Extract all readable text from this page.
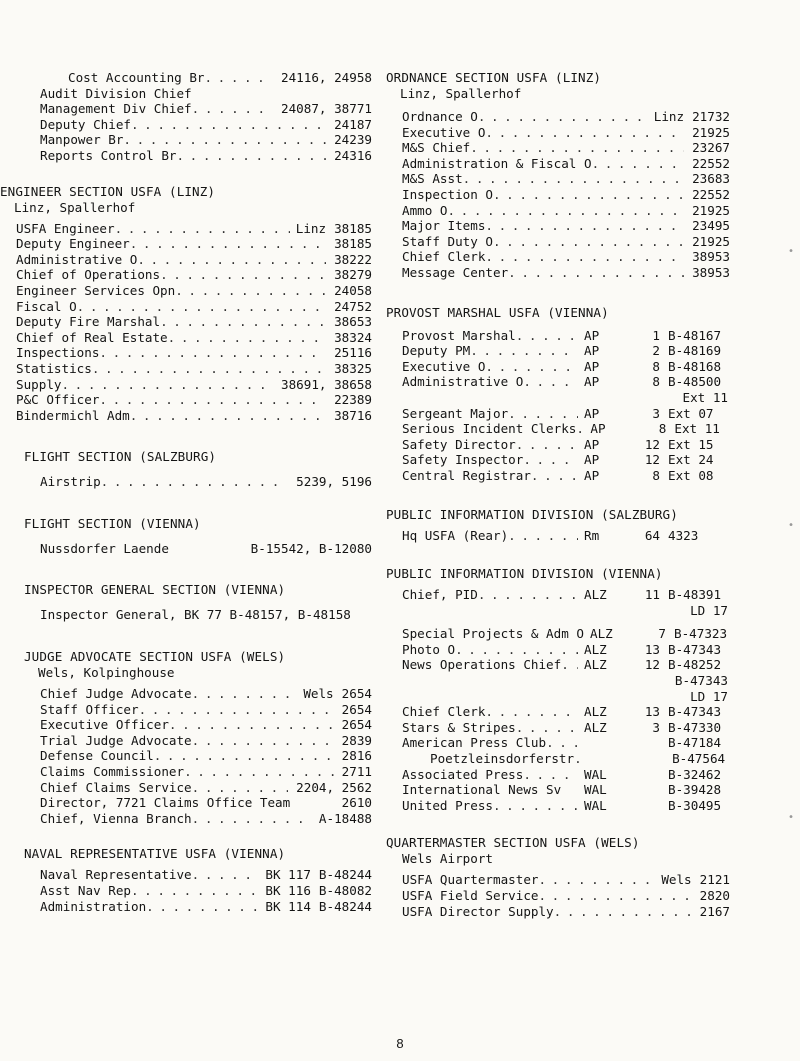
Cost Accounting Br . . .	24116, 24958
Audit Division Chief
Management Div Chief . . .	24087, 38771
Deputy Chief . . .	24187
Manpower Br . . .	24239
Reports Control Br . . .	24316
ENGINEER SECTION USFA (LINZ)
Linz, Spallerhof
USFA Engineer . . .	Linz 38185
Deputy Engineer . . .	38185
Administrative O . . .	38222
Chief of Operations . . .	38279
Engineer Services Opn . . .	24058
Fiscal O . . .	24752
Deputy Fire Marshal . . .	38653
Chief of Real Estate . . .	38324
Inspections . . .	25116
Statistics . . .	38325
Supply . . .	38691, 38658
P&C Officer . . .	22389
Bindermichl Adm . . .	38716
FLIGHT SECTION (SALZBURG)
Airstrip . . .	5239, 5196
FLIGHT SECTION (VIENNA)
Nussdorfer Laende	B-15542, B-12080
INSPECTOR GENERAL SECTION (VIENNA)
Inspector General, BK 77 B-48157, B-48158
JUDGE ADVOCATE SECTION USFA (WELS)
Wels, Kolpinghouse
Chief Judge Advocate . . .	Wels 2654
Staff Officer . . .	2654
Executive Officer . . .	2654
Trial Judge Advocate . . .	2839
Defense Council . . .	2816
Claims Commissioner . . .	2711
Chief Claims Service . . .	2204, 2562
Director, 7721 Claims Office Team	2610
Chief, Vienna Branch . . .	A-18488
NAVAL REPRESENTATIVE USFA (VIENNA)
Naval Representative . . .	BK 117 B-48244
Asst Nav Rep . . .	BK 116 B-48082
Administration . . .	BK 114 B-48244
ORDNANCE SECTION USFA (LINZ)
Linz, Spallerhof
Ordnance O . . .	Linz 21732
Executive O . . .	21925
M&S Chief . . .	23267
Administration & Fiscal O . . .	22552
M&S Asst . . .	23683
Inspection O . . .	22552
Ammo O . . .	21925
Major Items . . .	23495
Staff Duty O . . .	21925
Chief Clerk . . .	38953
Message Center . . .	38953
PROVOST MARSHAL USFA (VIENNA)
Provost Marshal . . .	AP	1 B-48167
Deputy PM . . .	AP	2 B-48169
Executive O . . .	AP	8 B-48168
Administrative O . . .	AP	8 B-48500
Ext 11
Sergeant Major . . .	AP	3 Ext 07
Serious Incident Clerks . . .	AP	8 Ext 11
Safety Director . . .	AP	12 Ext 15
Safety Inspector . . .	AP	12 Ext 24
Central Registrar . . .	AP	8 Ext 08
PUBLIC INFORMATION DIVISION (SALZBURG)
Hq USFA (Rear) . . .	Rm	64 4323
PUBLIC INFORMATION DIVISION (VIENNA)
Chief, PID . . .	ALZ	11 B-48391
LD 17
Special Projects & Adm O ALZ	7 B-47323
Photo O . . .	ALZ	13 B-47343
News Operations Chief . . .	ALZ	12 B-48252
B-47343
LD 17
Chief Clerk . . .	ALZ	13 B-47343
Stars & Stripes . . .	ALZ	3 B-47330
American Press Club . . .	B-47184
Poetzleinsdorferstr . . .	B-47564
Associated Press . . .	WAL	B-32462
International News Sv	WAL	B-39428
United Press . . .	WAL	B-30495
QUARTERMASTER SECTION USFA (WELS)
Wels Airport
USFA Quartermaster . . .	Wels 2121
USFA Field Service . . .	2820
USFA Director Supply . . .	2167
8
•
•
•
